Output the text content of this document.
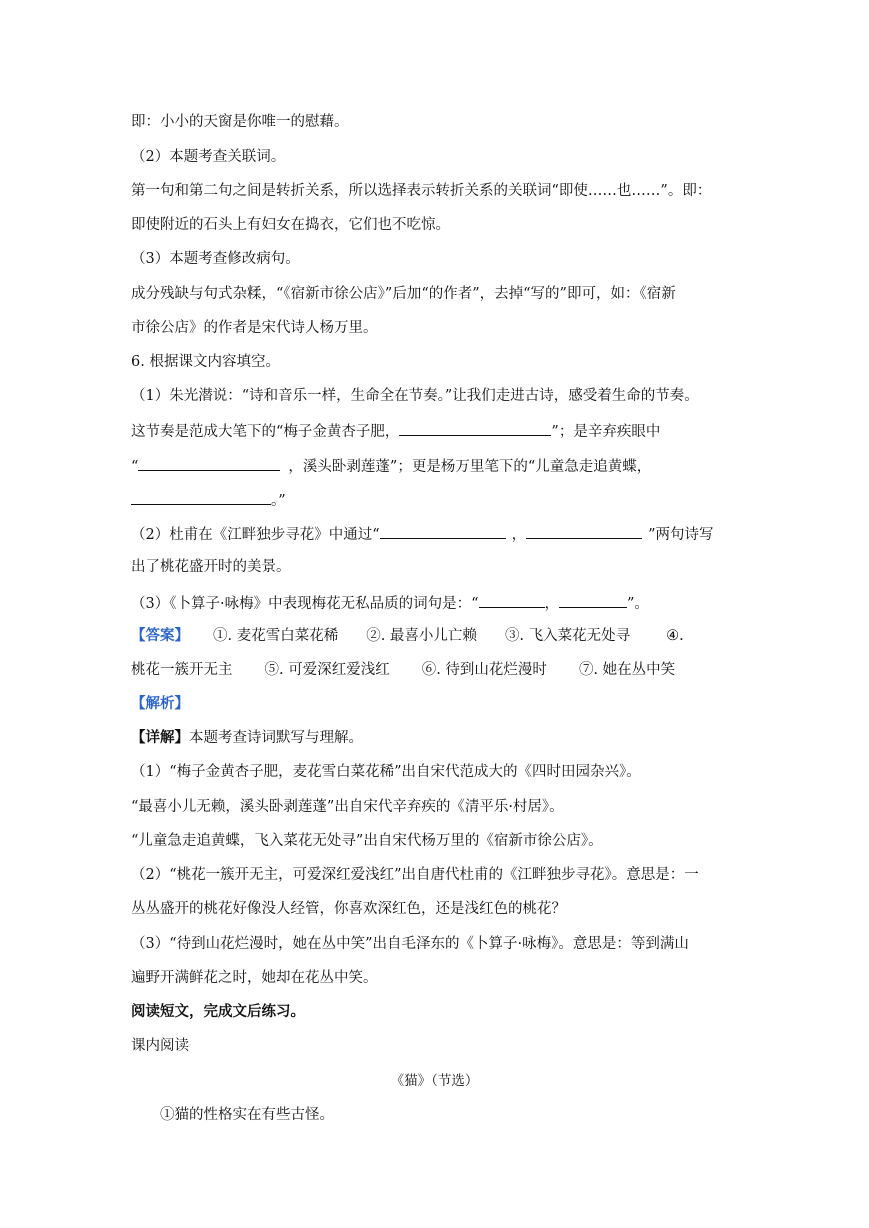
即：小小的天窗是你唯一的慰藉。
（2）本题考查关联词。
第一句和第二句之间是转折关系，所以选择表示转折关系的关联词“即使……也……”。即：
即使附近的石头上有妇女在捣衣，它们也不吃惊。
（3）本题考查修改病句。
成分残缺与句式杂糅，“《宿新市徐公店》”后加“的作者”，去掉“写的”即可，如：《宿新
市徐公店》的作者是宋代诗人杨万里。
6. 根据课文内容填空。
（1）朱光潜说：“诗和音乐一样，生命全在节奏。”让我们走进古诗，感受着生命的节奏。
这节奏是范成大笔下的“梅子金黄杏子肥，	”；是辛弃疾眼中
“	，溪头卧剥莲蓬”；更是杨万里笔下的“儿童急走追黄蝶，
。”
（2）杜甫在《江畔独步寻花》中通过“	，	”两句诗写
出了桃花盛开时的美景。
（3）《卜算子·咏梅》中表现梅花无私品质的词句是：“	，	”。
【答案】 ①. 麦花雪白菜花稀 ②. 最喜小儿亡赖 ③. 飞入菜花无处寻 ④.
桃花一簇开无主 ⑤. 可爱深红爱浅红 ⑥. 待到山花烂漫时 ⑦. 她在丛中笑
【解析】
【详解】本题考查诗词默写与理解。
（1）“梅子金黄杏子肥，麦花雪白菜花稀”出自宋代范成大的《四时田园杂兴》。
“最喜小儿无赖，溪头卧剥莲蓬”出自宋代辛弃疾的《清平乐·村居》。
“儿童急走追黄蝶，飞入菜花无处寻”出自宋代杨万里的《宿新市徐公店》。
（2）“桃花一簇开无主，可爱深红爱浅红”出自唐代杜甫的《江畔独步寻花》。意思是：一
丛丛盛开的桃花好像没人经管，你喜欢深红色，还是浅红色的桃花？
（3）“待到山花烂漫时，她在丛中笑”出自毛泽东的《卜算子·咏梅》。意思是：等到满山
遍野开满鲜花之时，她却在花丛中笑。
阅读短文，完成文后练习。
课内阅读
《猫》（节选）
①猫的性格实在有些古怪。
